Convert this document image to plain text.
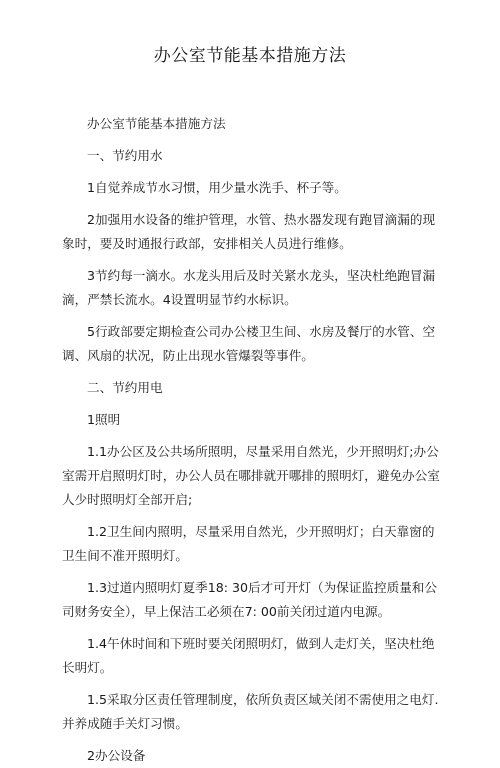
办公室节能基本措施方法

办公室节能基本措施方法

一、节约用水

1自觉养成节水习惯，用少量水洗手、杯子等。

2加强用水设备的维护管理，水管、热水器发现有跑冒滴漏的现象时，要及时通报行政部，安排相关人员进行维修。

3节约每一滴水。水龙头用后及时关紧水龙头，坚决杜绝跑冒漏滴，严禁长流水。4设置明显节约水标识。

5行政部要定期检查公司办公楼卫生间、水房及餐厅的水管、空调、风扇的状况，防止出现水管爆裂等事件。

二、节约用电

1照明

1.1办公区及公共场所照明，尽量采用自然光，少开照明灯;办公室需开启照明灯时，办公人员在哪排就开哪排的照明灯，避免办公室人少时照明灯全部开启;

1.2卫生间内照明，尽量采用自然光，少开照明灯；白天靠窗的卫生间不准开照明灯。

1.3过道内照明灯夏季18: 30后才可开灯（为保证监控质量和公司财务安全），早上保洁工必须在7: 00前关闭过道内电源。

1.4午休时间和下班时要关闭照明灯，做到人走灯关，坚决杜绝长明灯。

1.5采取分区责任管理制度，依所负责区域关闭不需使用之电灯.并养成随手关灯习惯。

2办公设备
